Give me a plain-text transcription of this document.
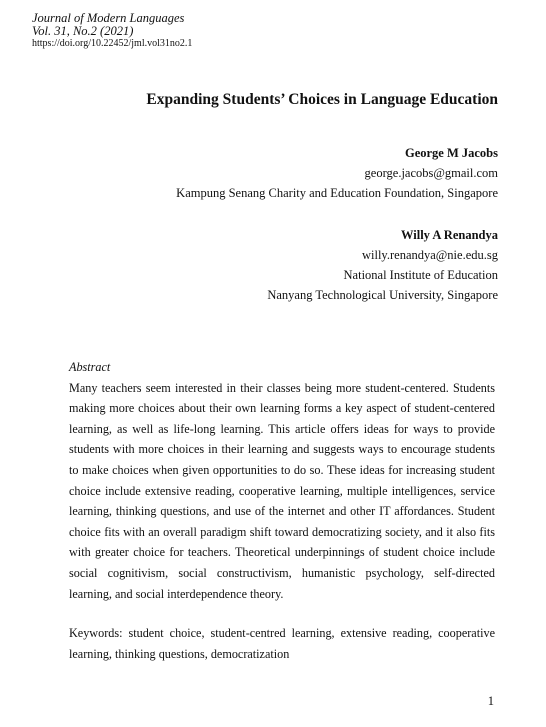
Journal of Modern Languages
Vol. 31, No.2 (2021)
https://doi.org/10.22452/jml.vol31no2.1
Expanding Students’ Choices in Language Education
George M Jacobs
george.jacobs@gmail.com
Kampung Senang Charity and Education Foundation, Singapore
Willy A Renandya
willy.renandya@nie.edu.sg
National Institute of Education
Nanyang Technological University, Singapore
Abstract

Many teachers seem interested in their classes being more student-centered. Students making more choices about their own learning forms a key aspect of student-centered learning, as well as life-long learning. This article offers ideas for ways to provide students with more choices in their learning and suggests ways to encourage students to make choices when given opportunities to do so. These ideas for increasing student choice include extensive reading, cooperative learning, multiple intelligences, service learning, thinking questions, and use of the internet and other IT affordances. Student choice fits with an overall paradigm shift toward democratizing society, and it also fits with greater choice for teachers. Theoretical underpinnings of student choice include social cognitivism, social constructivism, humanistic psychology, self-directed learning, and social interdependence theory.

Keywords: student choice, student-centred learning, extensive reading, cooperative learning, thinking questions, democratization
1
